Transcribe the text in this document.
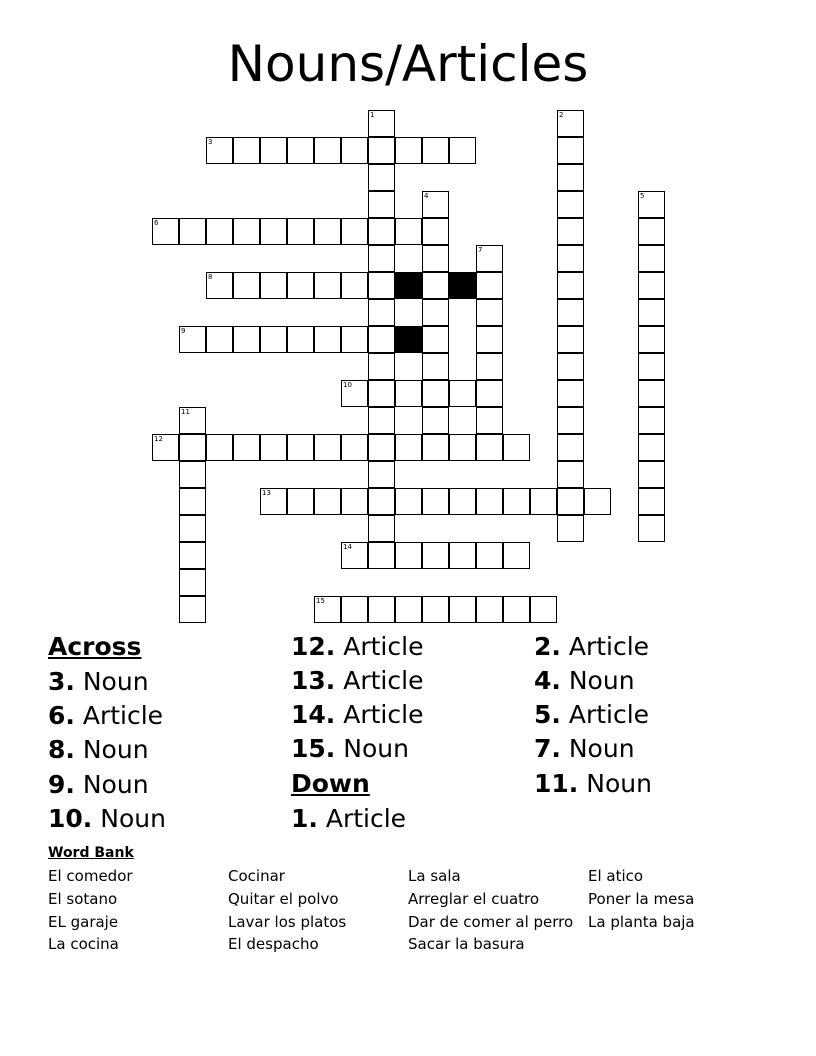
Nouns/Articles
1	2
3
4	5
6
7
8
9
10
11
12
13
14
15
Across
3. Noun
6. Article
8. Noun
9. Noun
10. Noun
12. Article
13. Article
14. Article
15. Noun
Down
1. Article
2. Article
4. Noun
5. Article
7. Noun
11. Noun
Word Bank
El comedor
El sotano
EL garaje
La cocina
Cocinar
Quitar el polvo
Lavar los platos
El despacho
La sala
Arreglar el cuatro
Dar de comer al perro
Sacar la basura
El atico
Poner la mesa
La planta baja
